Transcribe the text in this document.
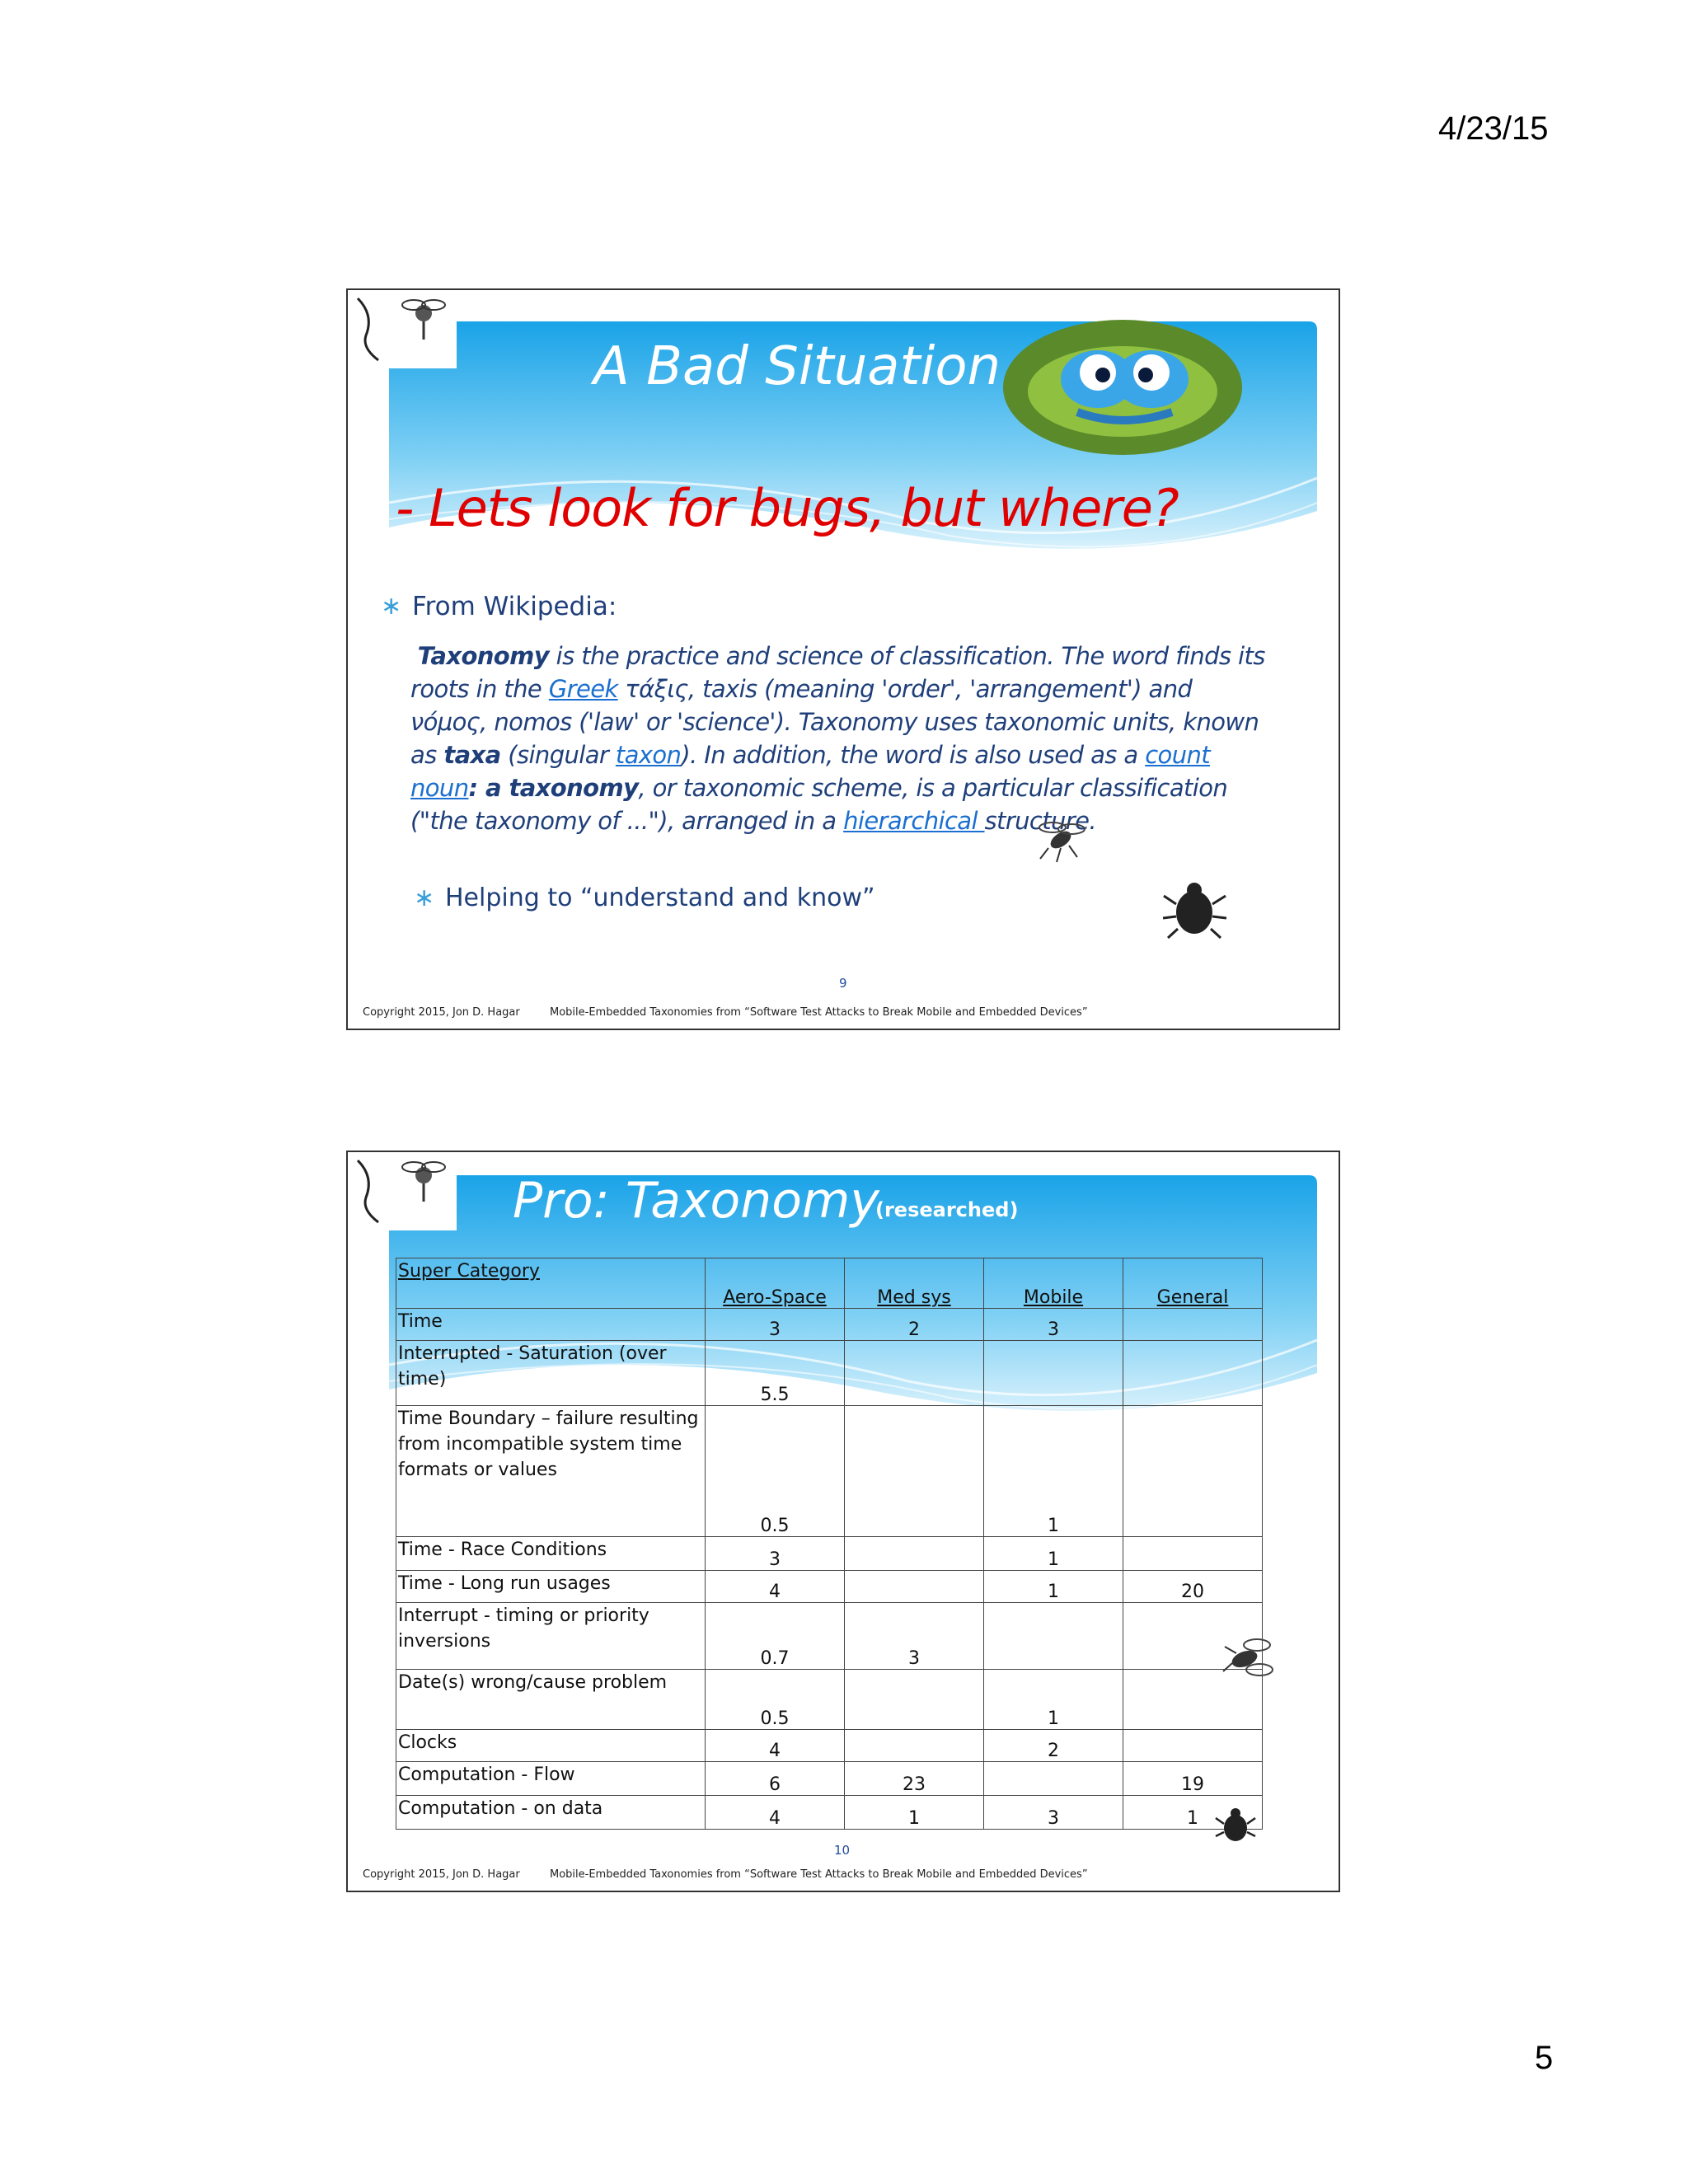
4/23/15
A Bad Situation
- Lets look for bugs, but where?
∗ From Wikipedia:
Taxonomy is the practice and science of classification. The word finds its roots in the Greek τάξις, taxis (meaning 'order', 'arrangement') and νόμος, nomos ('law' or 'science'). Taxonomy uses taxonomic units, known as taxa (singular taxon). In addition, the word is also used as a count noun: a taxonomy, or taxonomic scheme, is a particular classification ("the taxonomy of ..."), arranged in a hierarchical structure.
∗ Helping to “understand and know”
9
Copyright 2015, Jon D. Hagar	Mobile-Embedded Taxonomies from “Software Test Attacks to Break Mobile and Embedded Devices”
Pro: Taxonomy
(researched)
Super Category	Aero-Space	Med sys	Mobile	General
Time	3	2	3	
Interrupted - Saturation (over time)	5.5			
Time Boundary – failure resulting from incompatible system time formats or values	0.5		1	
Time - Race Conditions	3		1	
Time - Long run usages	4		1	20
Interrupt - timing or priority inversions	0.7	3		
Date(s) wrong/cause problem	0.5		1	
Clocks	4		2	
Computation - Flow	6	23		19
Computation - on data	4	1	3	1
10
Copyright 2015, Jon D. Hagar	Mobile-Embedded Taxonomies from “Software Test Attacks to Break Mobile and Embedded Devices”
5
